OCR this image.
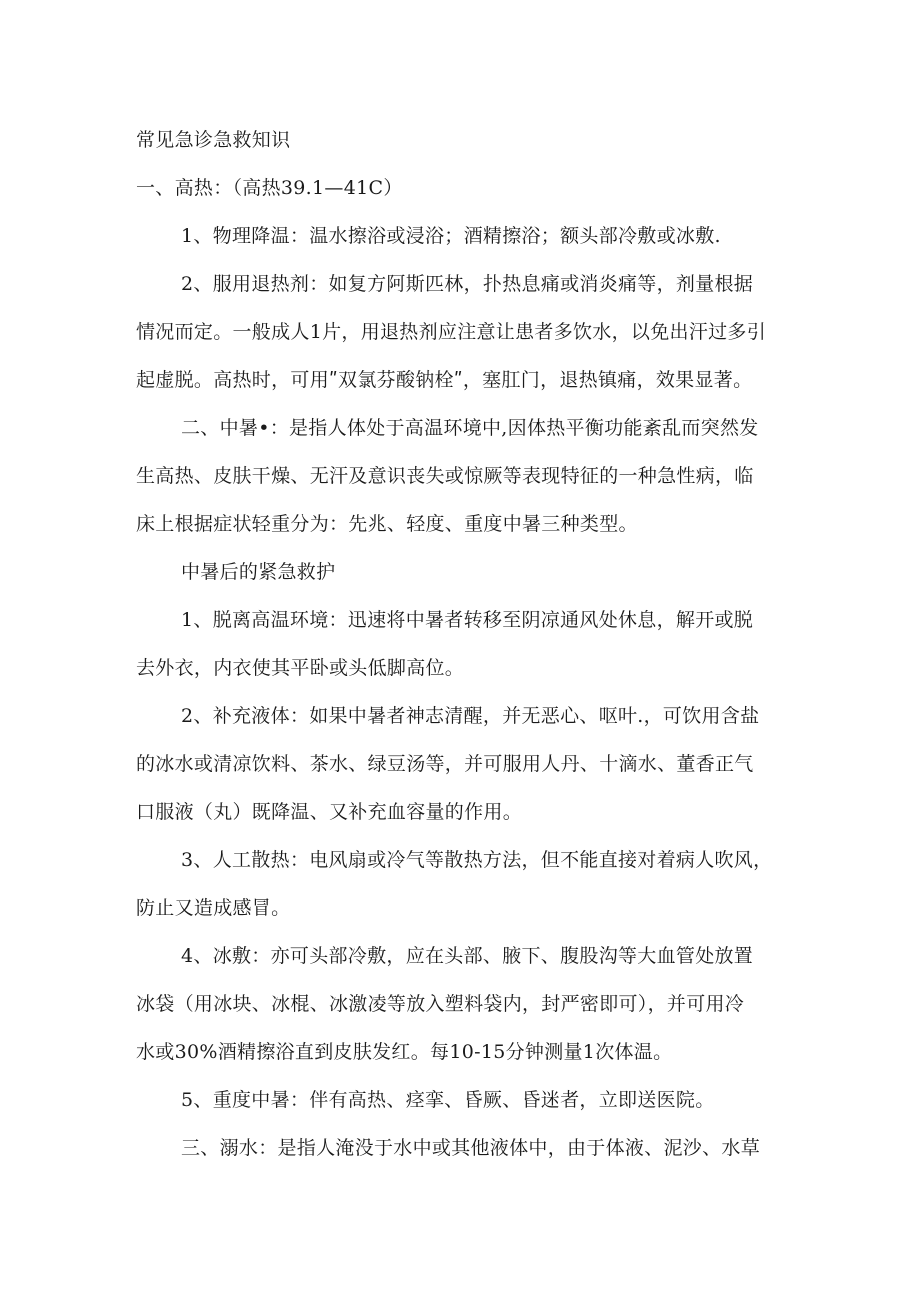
常见急诊急救知识
一、高热：（高热39.1—41C）
1、物理降温：温水擦浴或浸浴；酒精擦浴；额头部冷敷或冰敷.
2、服用退热剂：如复方阿斯匹林，扑热息痛或消炎痛等，剂量根据
情况而定。一般成人1片，用退热剂应注意让患者多饮水，以免出汗过多引
起虚脱。高热时，可用ʺ双氯芬酸钠栓ʺ，塞肛门，退热镇痛，效果显著。
二、中暑•：是指人体处于高温环境中,因体热平衡功能紊乱而突然发
生高热、皮肤干燥、无汗及意识丧失或惊厥等表现特征的一种急性病，临
床上根据症状轻重分为：先兆、轻度、重度中暑三种类型。
中暑后的紧急救护
1、脱离高温环境：迅速将中暑者转移至阴凉通风处休息，解开或脱
去外衣，内衣使其平卧或头低脚高位。
2、补充液体：如果中暑者神志清醒，并无恶心、呕叶.，可饮用含盐
的冰水或清凉饮料、茶水、绿豆汤等，并可服用人丹、十滴水、董香正气
口服液（丸）既降温、又补充血容量的作用。
3、人工散热：电风扇或冷气等散热方法，但不能直接对着病人吹风，
防止又造成感冒。
4、冰敷：亦可头部冷敷，应在头部、腋下、腹股沟等大血管处放置
冰袋（用冰块、冰棍、冰激凌等放入塑料袋内，封严密即可），并可用冷
水或30%酒精擦浴直到皮肤发红。每10-15分钟测量1次体温。
5、重度中暑：伴有高热、痉挛、昏厥、昏迷者，立即送医院。
三、溺水：是指人淹没于水中或其他液体中，由于体液、泥沙、水草
